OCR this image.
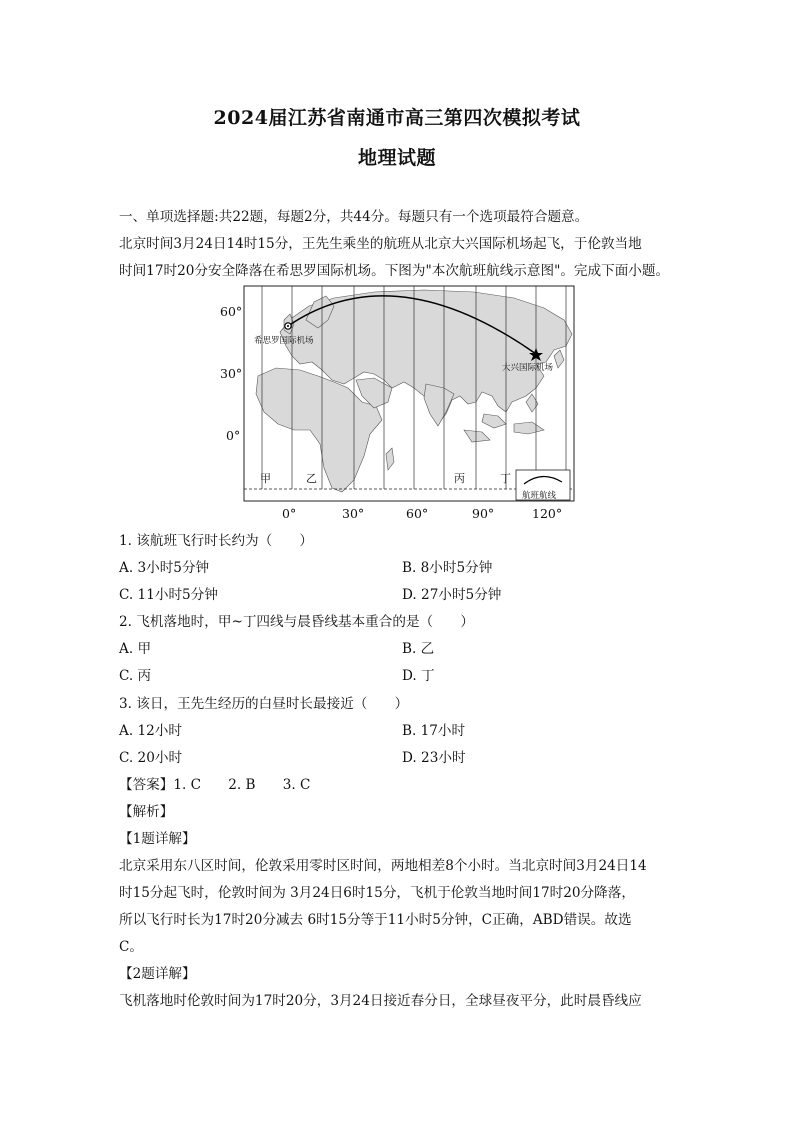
2024届江苏省南通市高三第四次模拟考试
地理试题
一、单项选择题:共22题，每题2分，共44分。每题只有一个选项最符合题意。
北京时间3月24日14时15分，王先生乘坐的航班从北京大兴国际机场起飞，于伦敦当地
时间17时20分安全降落在希思罗国际机场。下图为"本次航班航线示意图"。完成下面小题。
60°
30°
0°
0°	30°	60°	90°	120°
甲	乙	丙	丁
希思罗国际机场
大兴国际机场
航班航线
1. 该航班飞行时长约为（　　）
A. 3小时5分钟	B. 8小时5分钟
C. 11小时5分钟	D. 27小时5分钟
2. 飞机落地时，甲~丁四线与晨昏线基本重合的是（　　）
A. 甲	B. 乙
C. 丙	D. 丁
3. 该日，王先生经历的白昼时长最接近（　　）
A. 12小时	B. 17小时
C. 20小时	D. 23小时
【答案】1. C　　2. B　　3. C
【解析】
【1题详解】
北京采用东八区时间，伦敦采用零时区时间，两地相差8个小时。当北京时间3月24日14
时15分起飞时，伦敦时间为 3月24日6时15分，飞机于伦敦当地时间17时20分降落，
所以飞行时长为17时20分减去 6时15分等于11小时5分钟，C正确，ABD错误。故选
C。
【2题详解】
飞机落地时伦敦时间为17时20分，3月24日接近春分日，全球昼夜平分，此时晨昏线应
